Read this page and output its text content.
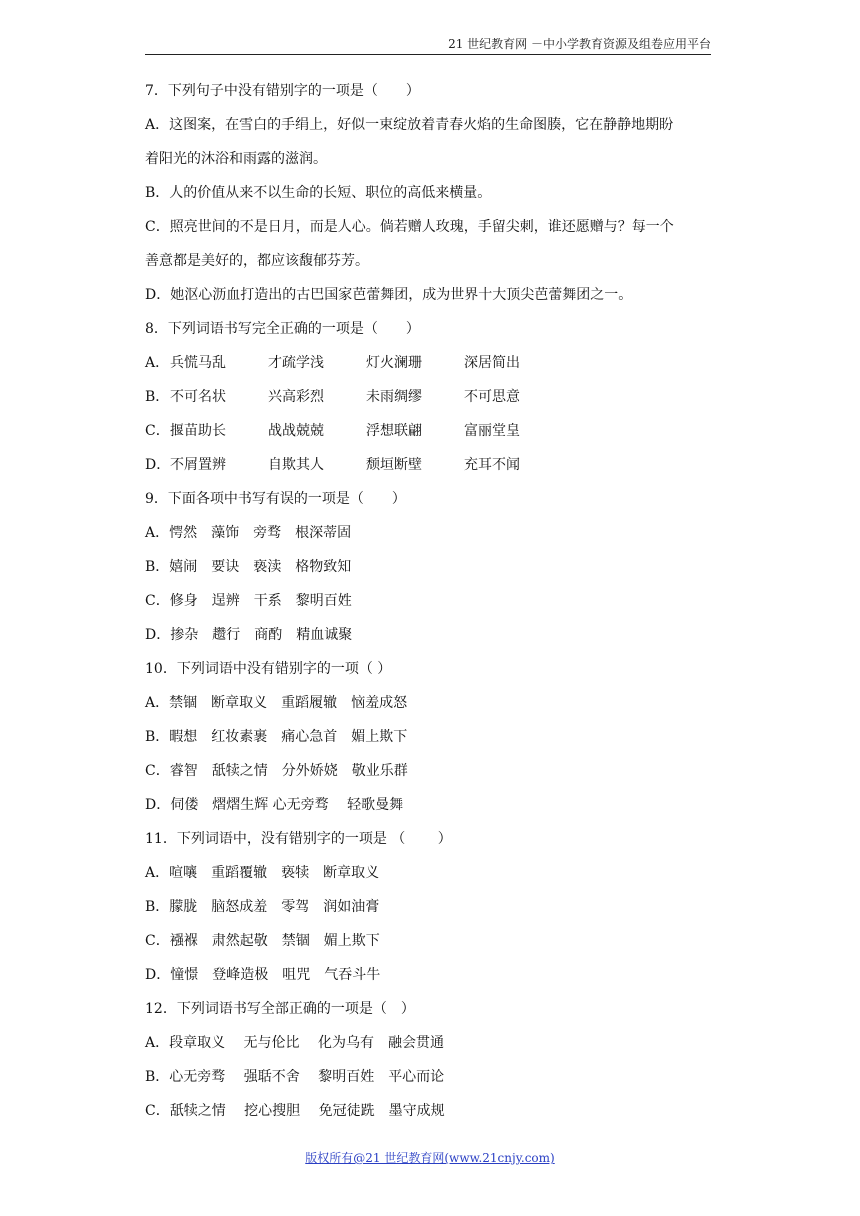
21 世纪教育网 －中小学教育资源及组卷应用平台
7．下列句子中没有错别字的一项是（　　）
A．这图案，在雪白的手绢上，好似一束绽放着青春火焰的生命图腠，它在静静地期盼
着阳光的沐浴和雨露的滋润。
B．人的价值从来不以生命的长短、职位的高低来横量。
C．照亮世间的不是日月，而是人心。倘若赠人玫瑰，手留尖刺，谁还愿赠与？每一个
善意都是美好的，都应该馥郁芬芳。
D．她沤心沥血打造出的古巴国家芭蕾舞团，成为世界十大顶尖芭蕾舞团之一。
8．下列词语书写完全正确的一项是（　　）
A． 兵慌马乱	才疏学浅	灯火澜珊	深居简出
B． 不可名状	兴高彩烈	未雨绸缪	不可思意
C． 揠苗助长	战战兢兢	浮想联翩	富丽堂皇
D． 不屑置辨	自欺其人	颓垣断壁	充耳不闻
9．下面各项中书写有误的一项是（　　）
A．愕然　藻饰　旁骛　根深蒂固
B．嬉闹　要诀　亵渎　格物致知
C．修身　逞辨　干系　黎明百姓
D．掺杂　趱行　商酌　精血诚聚
10．下列词语中没有错别字的一项（ ）
A．禁锢　断章取义　重蹈履辙　恼羞成怒
B．暇想　红妆素裹　痛心急首　媚上欺下
C．睿智　舐犊之情　分外娇娆　敬业乐群
D．伺偻　熠熠生辉 心无旁骛　 轻歌曼舞
11．下列词语中，没有错别字的一项是 （　　 ）
A．喧嚷　重蹈覆辙　亵犊　断章取义
B．朦胧　脑怒成羞　零驾　润如油膏
C．襁褓　肃然起敬　禁锢　媚上欺下
D．憧憬　登峰造极　咀咒　气吞斗牛
12．下列词语书写全部正确的一项是（　）
A．段章取义　 无与伦比　 化为乌有　融会贯通
B．心无旁骛　 强聒不舍　 黎明百姓　平心而论
C．舐犊之情　 挖心搜胆　 免冠徒跣　墨守成规
版权所有@21 世纪教育网(www.21cnjy.com)
